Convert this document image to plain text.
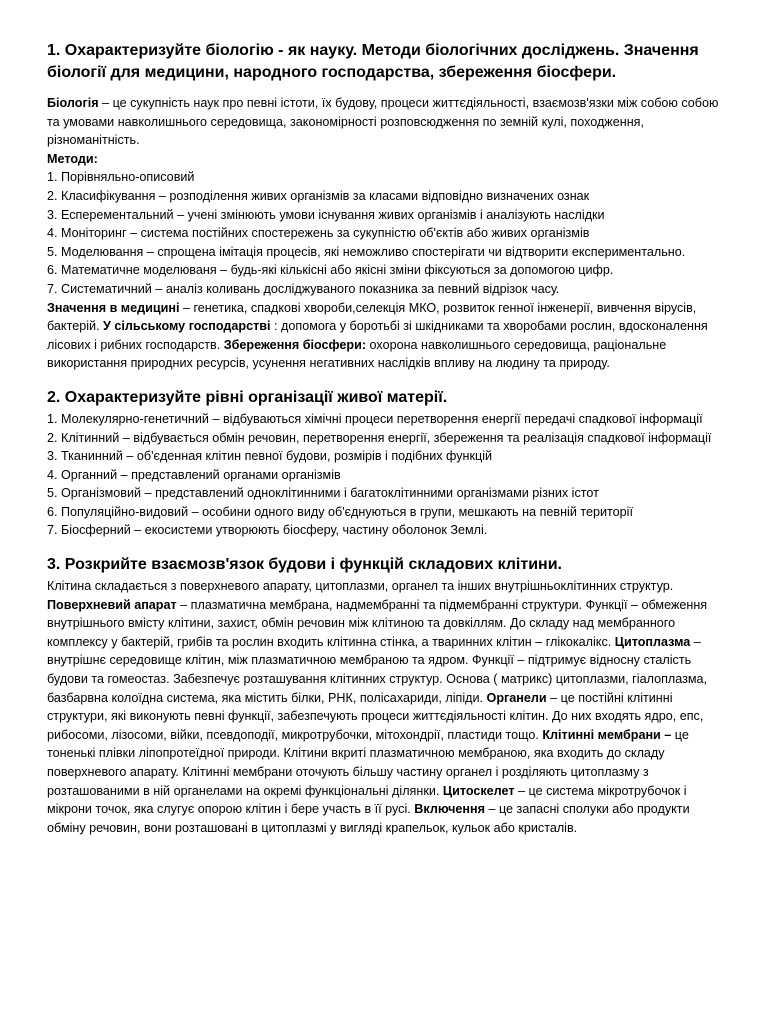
1. Охарактеризуйте біологію - як науку. Методи біологічних досліджень. Значення біології для медицини, народного господарства, збереження біосфери.

Біологія – це сукупність наук про певні істоти, їх будову, процеси життєдіяльності, взаємозв'язки між собою собою та умовами навколишнього середовища, закономірності розповсюдження по земній кулі, походження, різноманітність.

Методи:

1. Порівняльно-описовий

2. Класифікування – розподілення живих організмів за класами відповідно визначених ознак

3. Есперементальний – учені змінюють умови існування живих організмів і аналізують наслідки

4. Моніторинг – система постійних спостережень за сукупністю об'єктів або живих організмів

5. Моделювання – спрощена імітація процесів, які неможливо спостерігати чи відтворити експериментально.

6. Математичне моделюваня – будь-які кількісні або якісні зміни фіксуються за допомогою цифр.

7. Систематичний – аналіз коливань досліджуваного показника за певний відрізок часу.

Значення в медицині – генетика, спадкові хвороби,селекція МКО, розвиток генної інженерії, вивчення вірусів, бактерій. У сільському господарстві : допомога у боротьбі зі шкідниками та хворобами рослин, вдосконалення лісових і рибних господарств. Збереження біосфери: охорона навколишнього середовища, раціональне використання природних ресурсів, усунення негативних наслідків впливу на людину та природу.

2. Охарактеризуйте рівні організації живої матерії.

1. Молекулярно-генетичний – відбуваються хімічні процеси перетворення енергії передачі спадкової інформації

2. Клітинний – відбувається обмін речовин, перетворення енергії, збереження та реалізація спадкової інформації

3. Тканинний – об'єденная клітин певної будови, розмірів і подібних функцій

4. Органний – представлений органами організмів

5. Організмовий – представлений одноклітинними і багатоклітинними організмами різних істот

6. Популяційно-видовий – особини одного виду об'єднуються в групи, мешкають на певній території

7. Біосферний – екосистеми утворюють біосферу, частину оболонок Землі.

3. Розкрийте взаємозв'язок будови і функцій складових клітини.

Клітина складається з поверхневого апарату, цитоплазми, органел та інших внутрішньоклітинних структур.

Поверхневий апарат – плазматична мембрана, надмембранні та підмембранні структури. Функції – обмеження внутрішнього вмісту клітини, захист, обмін речовин між клітиною та довкіллям. До складу над мембранного комплексу у бактерій, грибів та рослин входить клітинна стінка, а тваринних клітин – глікокалікс. Цитоплазма – внутрішнє середовище клітин, між плазматичною мембраною та ядром. Функції – підтримує відносну сталість будови та гомеостаз. Забезпечує розташування клітинних структур. Основа ( матрикс) цитоплазми, гіалоплазма, базбарвна колоїдна система, яка містить білки, РНК, полісахариди, ліпіди. Органели – це постійні клітинні структури, які виконують певні функції, забезпечують процеси життєдіяльності клітин. До них входять ядро, епс, рибосоми, лізосоми, війки, псевдоподії, микротрубочки, мітохондрії, пластиди тощо. Клітинні мембрани – це тоненькі плівки ліпопротеїдної природи. Клітини вкриті плазматичною мембраною, яка входить до складу поверхневого апарату. Клітинні мембрани оточують більшу частину органел і розділяють цитоплазму з розташованими в ній органелами на окремі функціональні ділянки. Цитоскелет – це система мікротрубочок і мікрони точок, яка слугує опорою клітин і бере участь в її русі. Включення – це запасні сполуки або продукти обміну речовин, вони розташовані в цитоплазмі у вигляді крапельок, кульок або кристалів.
